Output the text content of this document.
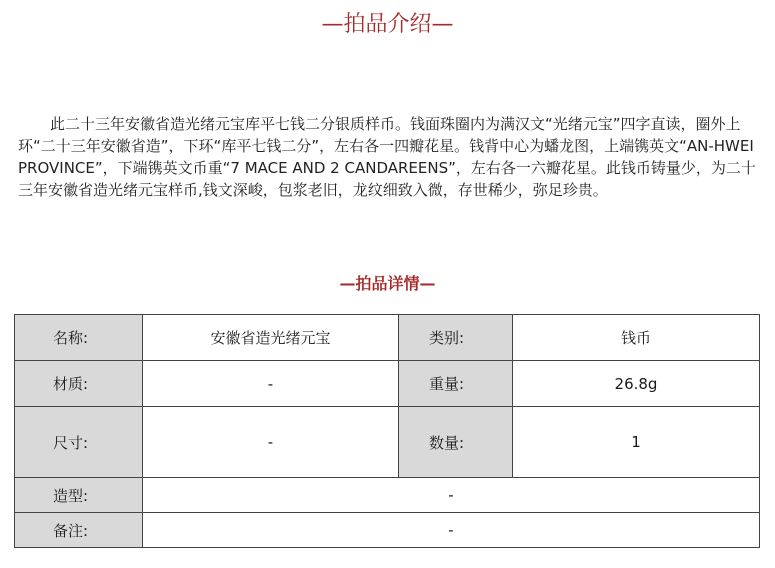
—拍品介绍—

此二十三年安徽省造光绪元宝库平七钱二分银质样币。钱面珠圈内为满汉文“光绪元宝”四字直读，圈外上环“二十三年安徽省造”，下环“库平七钱二分”，左右各一四瓣花星。钱背中心为蟠龙图，上端镌英文“AN-HWEI PROVINCE”，下端镌英文币重“7 MACE AND 2 CANDAREENS”，左右各一六瓣花星。此钱币铸量少，为二十三年安徽省造光绪元宝样币,钱文深峻，包浆老旧，龙纹细致入微，存世稀少，弥足珍贵。

—拍品详情—
名称:	安徽省造光绪元宝	类别:	钱币
材质:	-	重量:	26.8g
尺寸:	-	数量:	1
造型:	-		
备注:	-		
